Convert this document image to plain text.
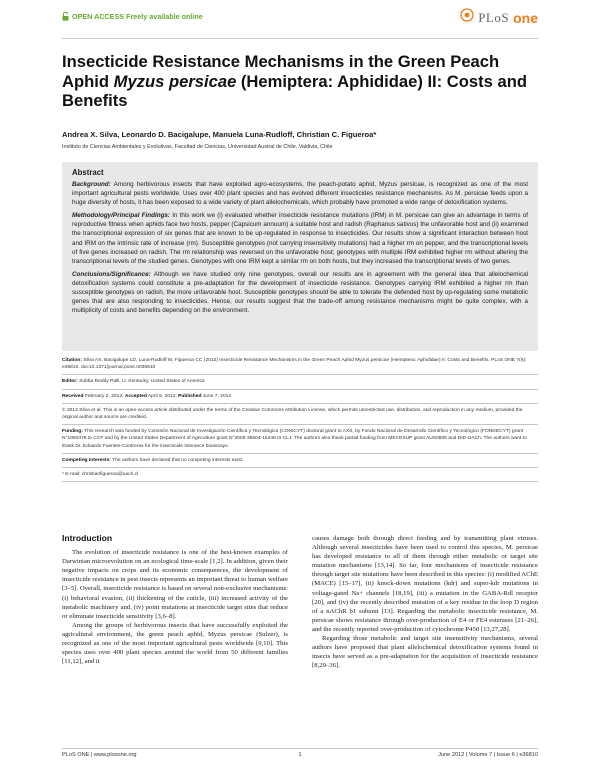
OPEN ACCESS Freely available online	PLoS one
Insecticide Resistance Mechanisms in the Green Peach Aphid Myzus persicae (Hemiptera: Aphididae) II: Costs and Benefits
Andrea X. Silva, Leonardo D. Bacigalupe, Manuela Luna-Rudloff, Christian C. Figueroa*
Instituto de Ciencias Ambientales y Evolutivas, Facultad de Ciencias, Universidad Austral de Chile, Valdivia, Chile
Abstract

Background: Among herbivorous insects that have exploited agro-ecosystems, the peach-potato aphid, Myzus persicae, is recognized as one of the most important agricultural pests worldwide. Uses over 400 plant species and has evolved different insecticides resistance mechanisms. As M. persicae feeds upon a huge diversity of hosts, it has been exposed to a wide variety of plant allelochemicals, which probably have promoted a wide range of detoxification systems.

Methodology/Principal Findings: In this work we (i) evaluated whether insecticide resistance mutations (IRM) in M. persicae can give an advantage in terms of reproductive fitness when aphids face two hosts, pepper (Capsicum annuum) a suitable host and radish (Raphanus sativus) the unfavorable host and (ii) examined the transcriptional expression of six genes that are known to be up-regulated in response to insecticides. Our results show a significant interaction between host and IRM on the intrinsic rate of increase (rm). Susceptible genotypes (not carrying insensitivity mutations) had a higher rm on pepper, and the transcriptional levels of five genes increased on radish. The rm relationship was reversed on the unfavorable host; genotypes with multiple IRM exhibited higher rm without altering the transcriptional levels of the studied genes. Genotypes with one IRM kept a similar rm on both hosts, but they increased the transcriptional levels of two genes.

Conclusions/Significance: Although we have studied only nine genotypes, overall our results are in agreement with the general idea that allelochemical detoxification systems could constitute a pre-adaptation for the development of insecticide resistance. Genotypes carrying IRM exhibited a higher rm than susceptible genotypes on radish, the more unfavorable host. Susceptible genotypes should be able to tolerate the defended host by up-regulating some metabolic genes that are also responding to insecticides. Hence, our results suggest that the trade-off among resistance mechanisms might be quite complex, with a multiplicity of costs and benefits depending on the environment.

Citation: Silva AX, Bacigalupe LD, Luna-Rudloff M, Figueroa CC (2012) Insecticide Resistance Mechanisms in the Green Peach Aphid Myzus persicae (Hemiptera: Aphididae) II: Costs and Benefits. PLoS ONE 7(6): e36810. doi:10.1371/journal.pone.0036810

Editor: Subba Reddy Palli, U. Kentucky, United States of America

Received February 2, 2012; Accepted April 6, 2012; Published June 7, 2012

© 2012 Silva et al. This is an open-access article distributed under the terms of the Creative Commons Attribution License, which permits unrestricted use, distribution, and reproduction in any medium, provided the original author and source are credited.

Funding: This research was funded by Comisión Nacional de Investigación Científica y Tecnológica (CONICYT) doctoral grant to AXS, by Fondo Nacional de Desarrollo Científico y Tecnológico (FONDECYT) grant N°1090378 to CCF and by the United States Department of Agriculture grant N°2005-35604-15446 to CLJ. The authors also thank partial funding from MECESUP grant AUS0805 and DID-UACh. The authors want to thank Dr. Eduardo Fuentes-Contreras for the insecticide tolerance bioassays.

Competing Interests: The authors have declared that no competing interests exist.

* E-mail: christianfigueroa@uach.cl

Introduction

The evolution of insecticide resistance is one of the best-known examples of Darwinian microevolution on an ecological time-scale [1,2]. In addition, given their negative impacts on crops and its economic consequences, the development of insecticide resistance in pest insects represents an important threat to human welfare [3–5]. Overall, insecticide resistance is based on several non-exclusive mechanisms: (i) behavioral evasion, (ii) thickening of the cuticle, (iii) increased activity of the metabolic machinery and, (iv) point mutations at insecticide target sites that reduce or eliminate insecticide sensitivity [3,6–8].

Among the groups of herbivorous insects that have successfully exploited the agricultural environment, the green peach aphid, Myzus persicae (Sulzer), is recognized as one of the most important agricultural pests worldwide [9,10]. This species uses over 400 plant species around the world from 50 different families [11,12], and it

causes damage both through direct feeding and by transmitting plant viruses. Although several insecticides have been used to control this species, M. persicae has developed resistance to all of them through either metabolic or target site mutation mechanisms [13,14]. So far, four mechanisms of insecticide resistance through target site mutations have been described in this species: (i) modified AChE (MACE) [15–17], (ii) knock-down mutations (kdr) and super-kdr mutations in voltage-gated Na+ channels [18,19], (iii) a mutation in the GABA-Rdl receptor [20], and (iv) the recently described mutation of a key residue in the loop D region of a nAChR b1 subunit [13]. Regarding the metabolic insecticide resistance, M. persicae shows resistance through over-production of E4 or FE4 esterases [21–26], and the recently reported over-production of cytochrome P450 [13,27,28].

Regarding those metabolic and target site insensitivity mechanisms, several authors have proposed that plant allelochemical detoxification systems found in insects have served as a pre-adaptation for the acquisition of insecticide resistance [8,29–36].

PLoS ONE | www.plosone.org	1	June 2012 | Volume 7 | Issue 6 | e36810
